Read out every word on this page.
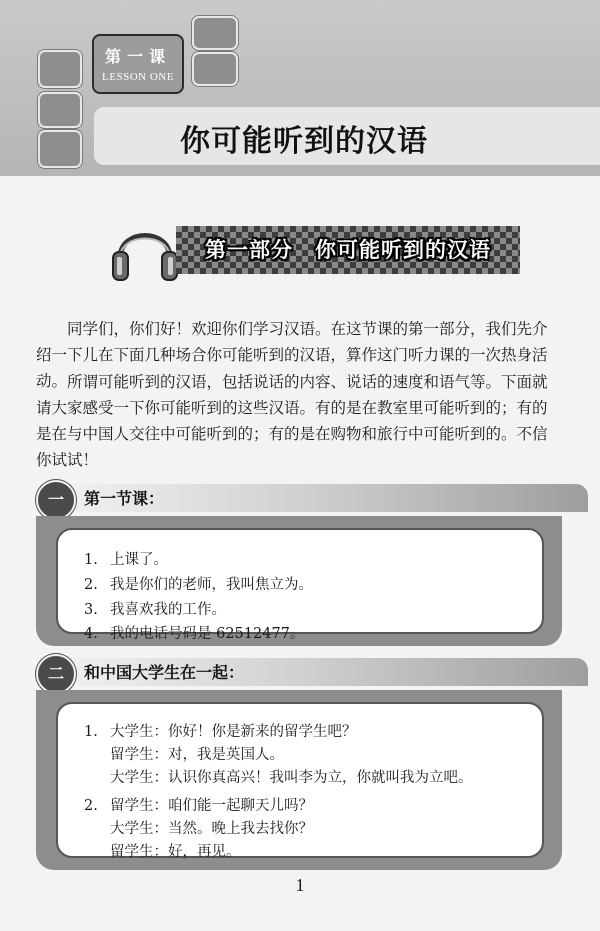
第一课
LESSON ONE
你可能听到的汉语
第一部分　你可能听到的汉语

同学们，你们好！欢迎你们学习汉语。在这节课的第一部分，我们先介绍一下儿在下面几种场合你可能听到的汉语，算作这门听力课的一次热身活动。 所谓可能听到的汉语，包括说话的内容、说话的速度和语气等。下面就请大家感受一下你可能听到的这些汉语。有的是在教室里可能听到的；有的是在与中国人交往中可能听到的；有的是在购物和旅行中可能听到的。不信你试试！

一	第一节课：
1. 上课了。
2. 我是你们的老师，我叫焦立为。
3. 我喜欢我的工作。
4. 我的电话号码是 62512477。
二	和中国大学生在一起：
1. 大学生：你好！你是新来的留学生吧？
留学生：对，我是英国人。
大学生：认识你真高兴！我叫李为立，你就叫我为立吧。
2. 留学生：咱们能一起聊天儿吗？
大学生：当然。晚上我去找你？
留学生：好，再见。
1
